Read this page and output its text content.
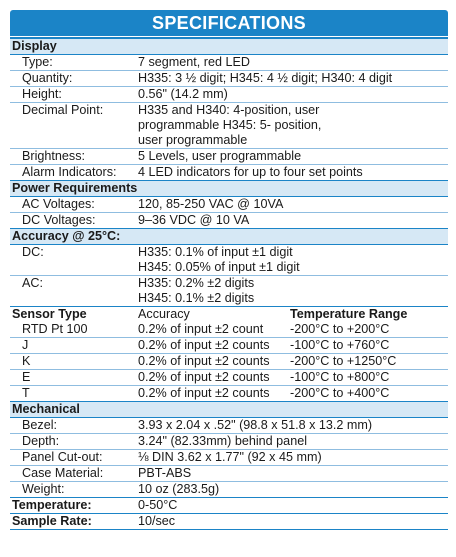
SPECIFICATIONS
Display
Type:	7 segment, red LED
Quantity:	H335: 3 ½ digit; H345: 4 ½ digit; H340: 4 digit
Height:	0.56" (14.2 mm)
Decimal Point:	H335 and H340: 4-position, user
programmable H345: 5- position,
user programmable
Brightness:	5 Levels, user programmable
Alarm Indicators:	4 LED indicators for up to four set points
Power Requirements
AC Voltages:	120, 85-250 VAC @ 10VA
DC Voltages:	9–36 VDC @ 10 VA
Accuracy @ 25°C:
DC:	H335: 0.1% of input ±1 digit
H345: 0.05% of input ±1 digit
AC:	H335: 0.2% ±2 digits
H345: 0.1% ±2 digits
Sensor Type	Accuracy	Temperature Range
RTD Pt 100	0.2% of input ±2 count	-200°C to +200°C
J	0.2% of input ±2 counts	-100°C to +760°C
K	0.2% of input ±2 counts	-200°C to +1250°C
E	0.2% of input ±2 counts	-100°C to +800°C
T	0.2% of input ±2 counts	-200°C to +400°C
Mechanical
Bezel:	3.93 x 2.04 x .52" (98.8 x 51.8 x 13.2 mm)
Depth:	3.24" (82.33mm) behind panel
Panel Cut-out:	⅛ DIN 3.62 x 1.77" (92 x 45 mm)
Case Material:	PBT-ABS
Weight:	10 oz (283.5g)
Temperature:	0-50°C
Sample Rate:	10/sec
